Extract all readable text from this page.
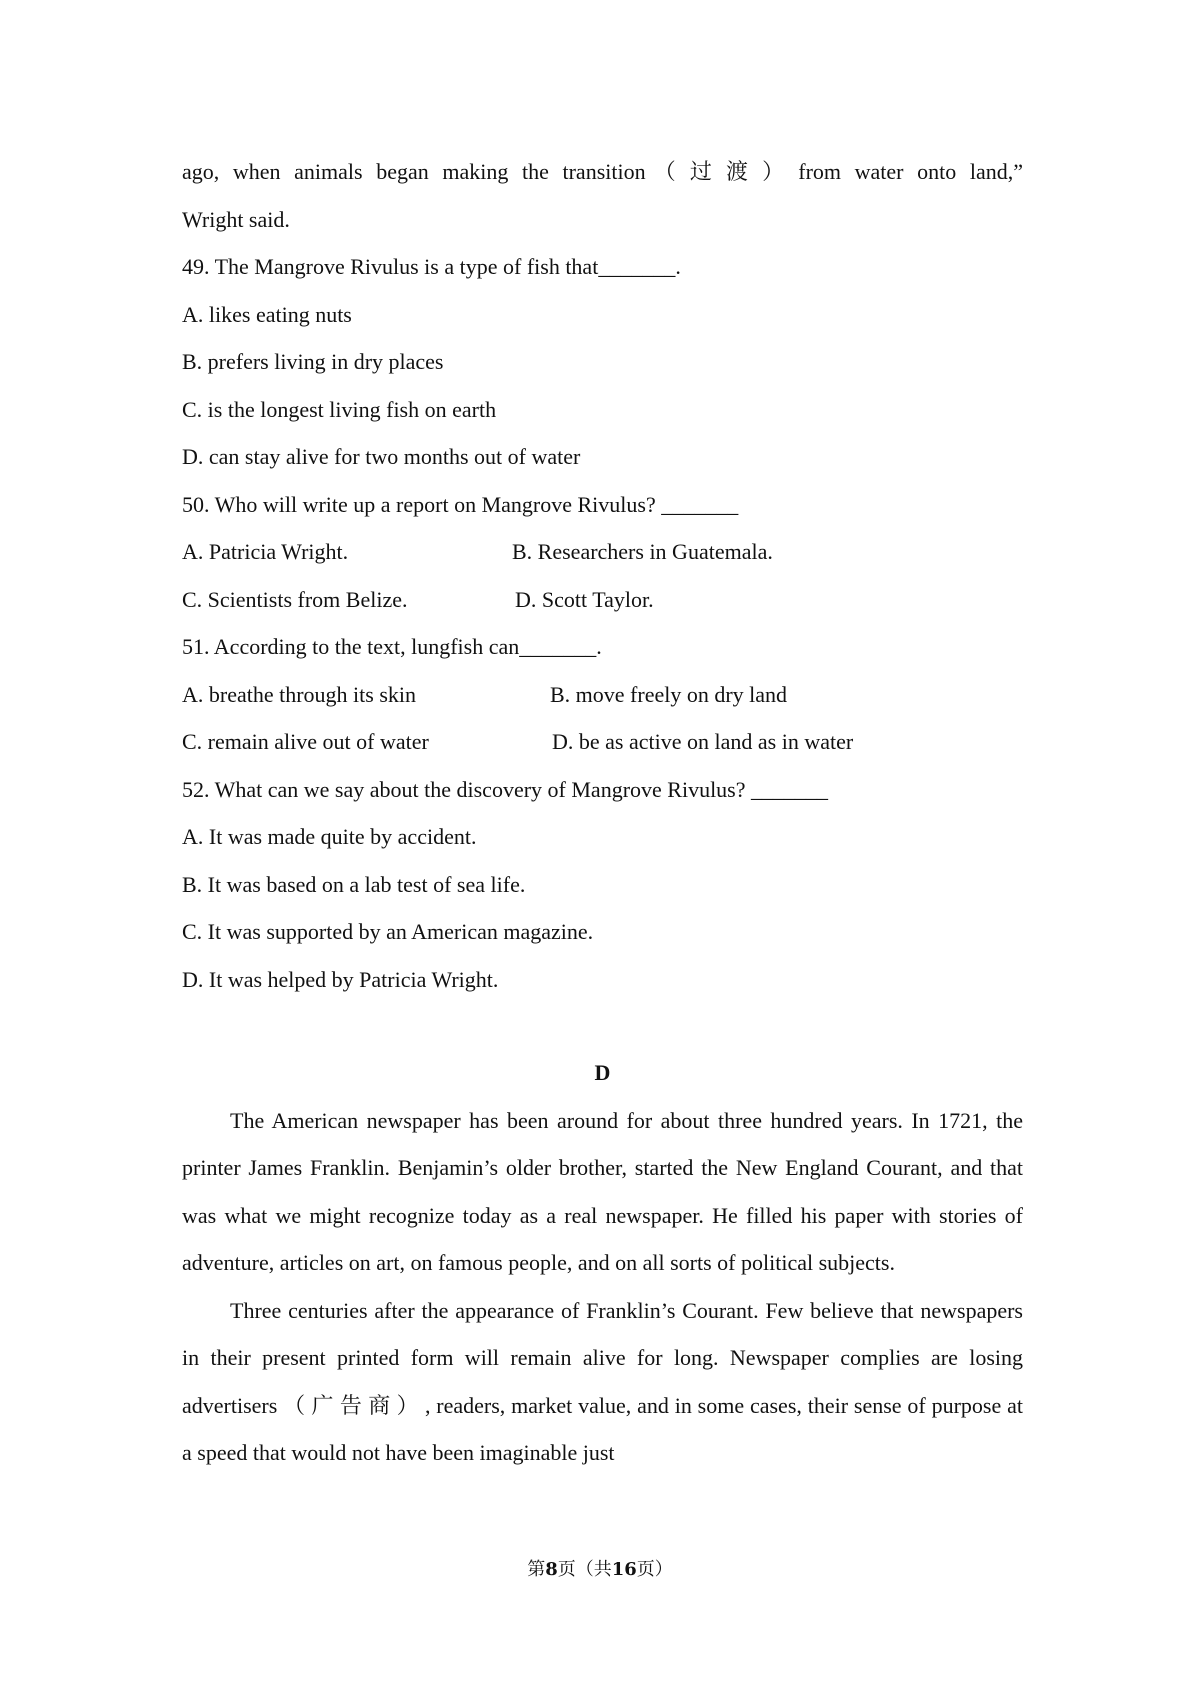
ago, when animals began making the transition（过渡）from water onto land,”
Wright said.
49. The Mangrove Rivulus is a type of fish that_______.
A. likes eating nuts
B. prefers living in dry places
C. is the longest living fish on earth
D. can stay alive for two months out of water
50. Who will write up a report on Mangrove Rivulus? _______
A. Patricia Wright.	B. Researchers in Guatemala.
C. Scientists from Belize.	D. Scott Taylor.
51. According to the text, lungfish can_______.
A. breathe through its skin	B. move freely on dry land
C. remain alive out of water	D. be as active on land as in water
52. What can we say about the discovery of Mangrove Rivulus? _______
A. It was made quite by accident.
B. It was based on a lab test of sea life.
C. It was supported by an American magazine.
D. It was helped by Patricia Wright.
D

The American newspaper has been around for about three hundred years. In 1721, the printer James Franklin. Benjamin’s older brother, started the New England Courant, and that was what we might recognize today as a real newspaper. He filled his paper with stories of adventure, articles on art, on famous people, and on all sorts of political subjects.

Three centuries after the appearance of Franklin’s Courant. Few believe that newspapers in their present printed form will remain alive for long. Newspaper complies are losing advertisers （广告商）, readers, market value, and in some cases, their sense of purpose at a speed that would not have been imaginable just

第8页（共16页）
